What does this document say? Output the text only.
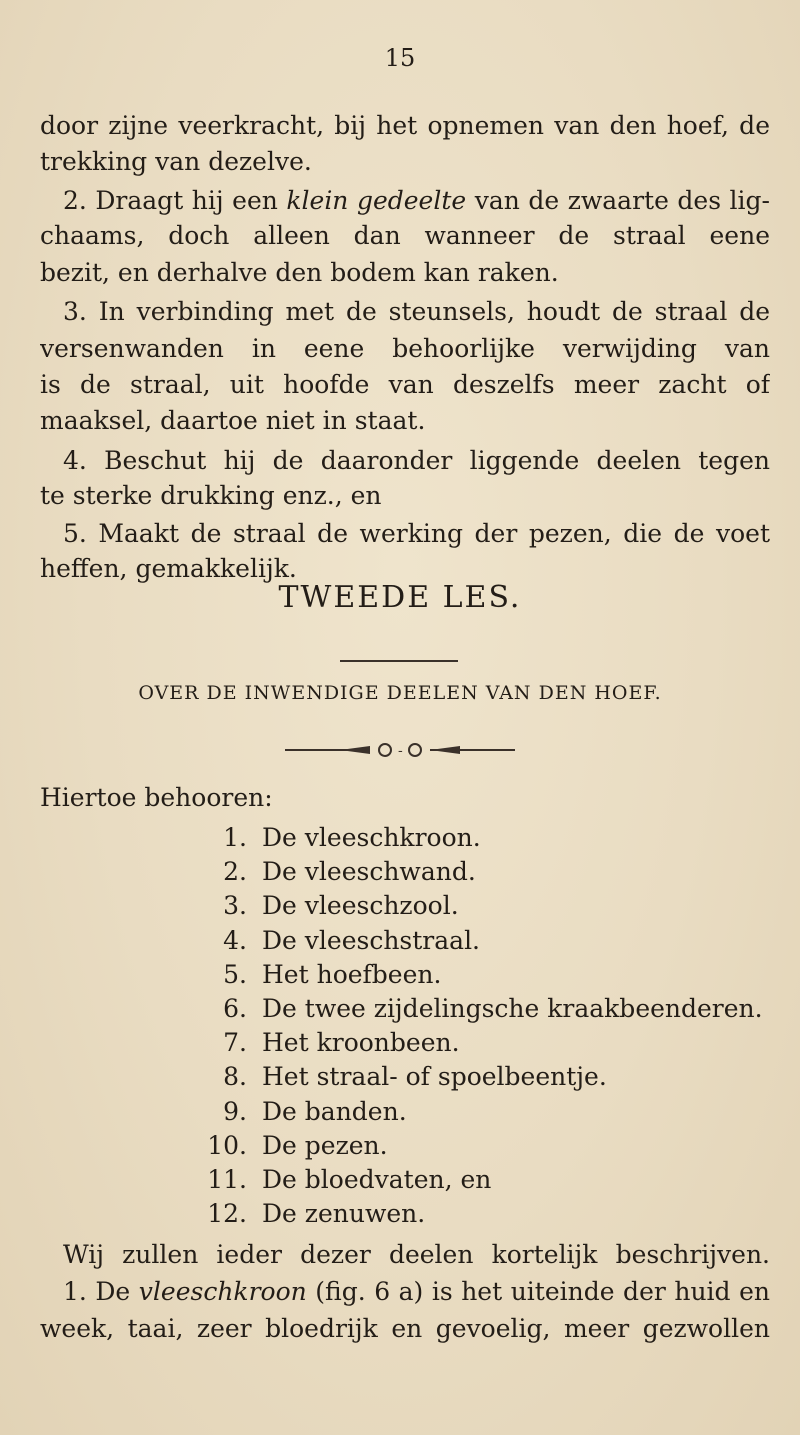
15
door zijne veerkracht, bij het opnemen van den hoef, de
trekking van dezelve.
2. Draagt hij een klein gedeelte van de zwaarte des lig-
chaams, doch alleen dan wanneer de straal eene
bezit, en derhalve den bodem kan raken.
3. In verbinding met de steunsels, houdt de straal de
versenwanden in eene behoorlijke verwijding van
is de straal, uit hoofde van deszelfs meer zacht of
maaksel, daartoe niet in staat.
4. Beschut hij de daaronder liggende deelen tegen
te sterke drukking enz., en
TWEEDE LES.
OVER DE INWENDIGE DEELEN VAN DEN HOEF.
-
Hiertoe behooren:
1. De vleeschkroon.
2. De vleeschwand.
3. De vleeschzool.
4. De vleeschstraal.
5. Het hoefbeen.
6. De twee zijdelingsche kraakbeenderen.
7. Het kroonbeen.
8. Het straal- of spoelbeentje.
9. De banden.
10. De pezen.
11. De bloedvaten, en
12. De zenuwen.
Wij zullen ieder dezer deelen kortelijk beschrijven.
1. De vleeschkroon (fig. 6 a) is het uiteinde der huid en
week, taai, zeer bloedrijk en gevoelig, meer gezwollen
5. Maakt de straal de werking der pezen, die de voet
heffen, gemakkelijk.
